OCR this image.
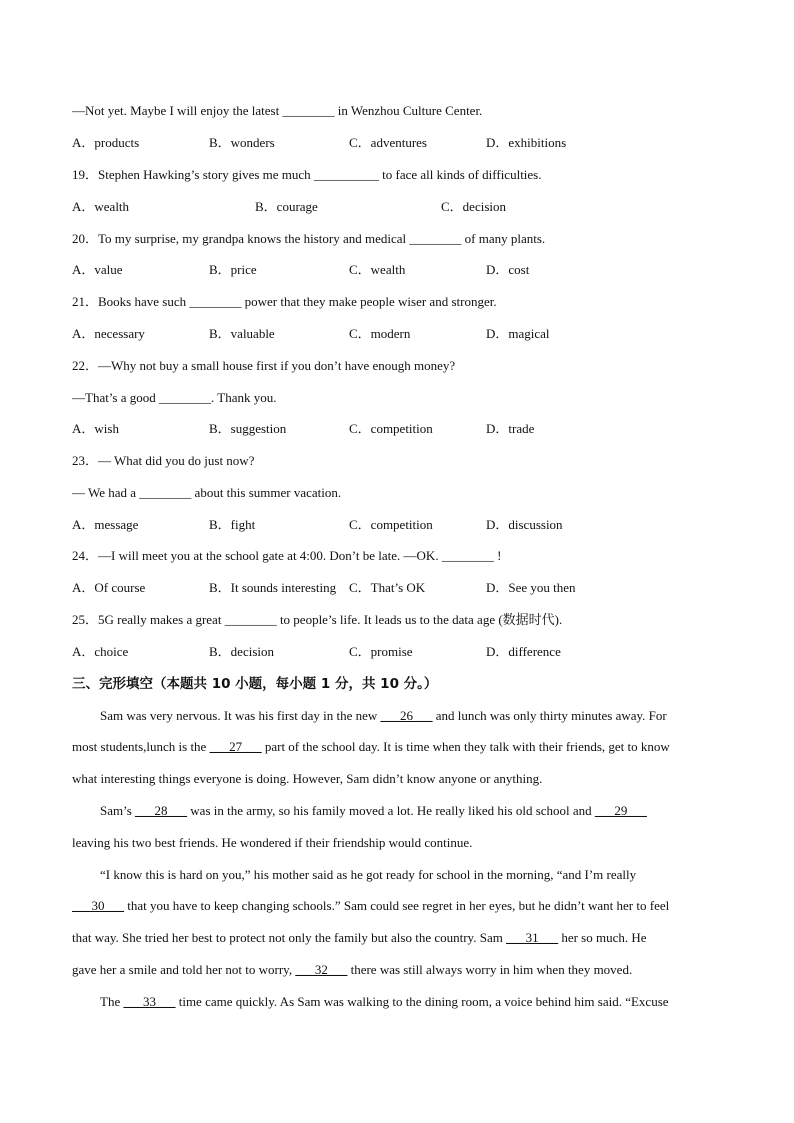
—Not yet. Maybe I will enjoy the latest ________ in Wenzhou Culture Center.
A．products	B．wonders	C．adventures	D．exhibitions
19．Stephen Hawking’s story gives me much __________ to face all kinds of difficulties.
A．wealth	B．courage	C．decision
20．To my surprise, my grandpa knows the history and medical ________ of many plants.
A．value	B．price	C．wealth	D．cost
21．Books have such ________ power that they make people wiser and stronger.
A．necessary	B．valuable	C．modern	D．magical
22．—Why not buy a small house first if you don’t have enough money?
—That’s a good ________. Thank you.
A．wish	B．suggestion	C．competition	D．trade
23．— What did you do just now?
— We had a ________ about this summer vacation.
A．message	B．fight	C．competition	D．discussion
24．—I will meet you at the school gate at 4:00. Don’t be late. —OK. ________ !
A．Of course	B．It sounds interesting C．That’s OK	D．See you then
25．5G really makes a great ________ to people’s life. It leads us to the data age (数据时代).
A．choice	B．decision	C．promise	D．difference
三、完形填空（本题共 10 小题，每小题 1 分，共 10 分。）
Sam was very nervous. It was his first day in the new ___26___ and lunch was only thirty minutes away. For
most students,lunch is the ___27___ part of the school day. It is time when they talk with their friends, get to know
what interesting things everyone is doing. However, Sam didn’t know anyone or anything.
Sam’s ___28___ was in the army, so his family moved a lot. He really liked his old school and ___29___
leaving his two best friends. He wondered if their friendship would continue.
“I know this is hard on you,” his mother said as he got ready for school in the morning, “and I’m really
___30___ that you have to keep changing schools.” Sam could see regret in her eyes, but he didn’t want her to feel
that way. She tried her best to protect not only the family but also the country. Sam ___31___ her so much. He
gave her a smile and told her not to worry, ___32___ there was still always worry in him when they moved.
The ___33___ time came quickly. As Sam was walking to the dining room, a voice behind him said. “Excuse
